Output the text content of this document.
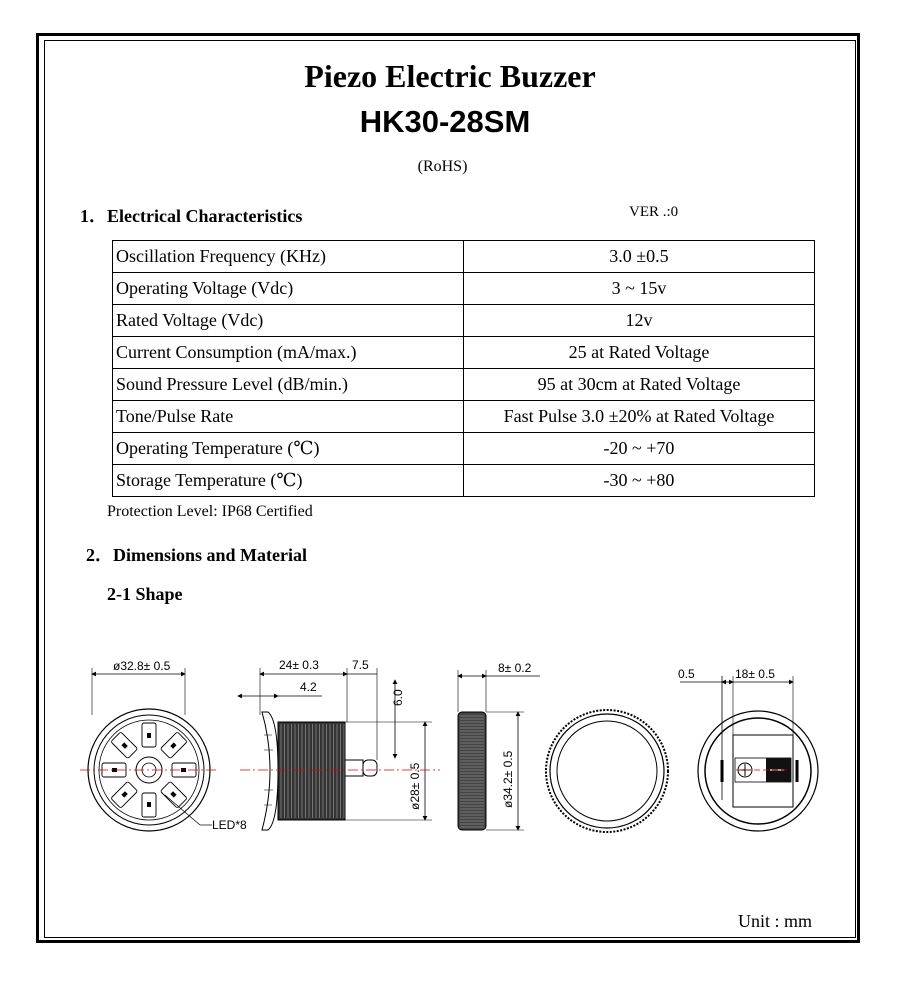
Piezo Electric Buzzer
HK30-28SM
(RoHS)
1．Electrical Characteristics	VER .:0
Oscillation Frequency (KHz)	3.0 ±0.5
Operating Voltage (Vdc)	3 ~ 15v
Rated Voltage (Vdc)	12v
Current Consumption (mA/max.)	25 at Rated Voltage
Sound Pressure Level (dB/min.)	95 at 30cm at Rated Voltage
Tone/Pulse Rate	Fast Pulse 3.0 ±20% at Rated Voltage
Operating Temperature (℃)	-20 ~ +70
Storage Temperature (℃)	-30 ~ +80
Protection Level: IP68 Certified
2．Dimensions and Material
2-1 Shape
ø32.8± 0.5
LED*8
24± 0.3	7.5
4.2
6.0
ø28± 0.5
8± 0.2
ø34.2± 0.5
0.5	18± 0.5
Unit : mm
